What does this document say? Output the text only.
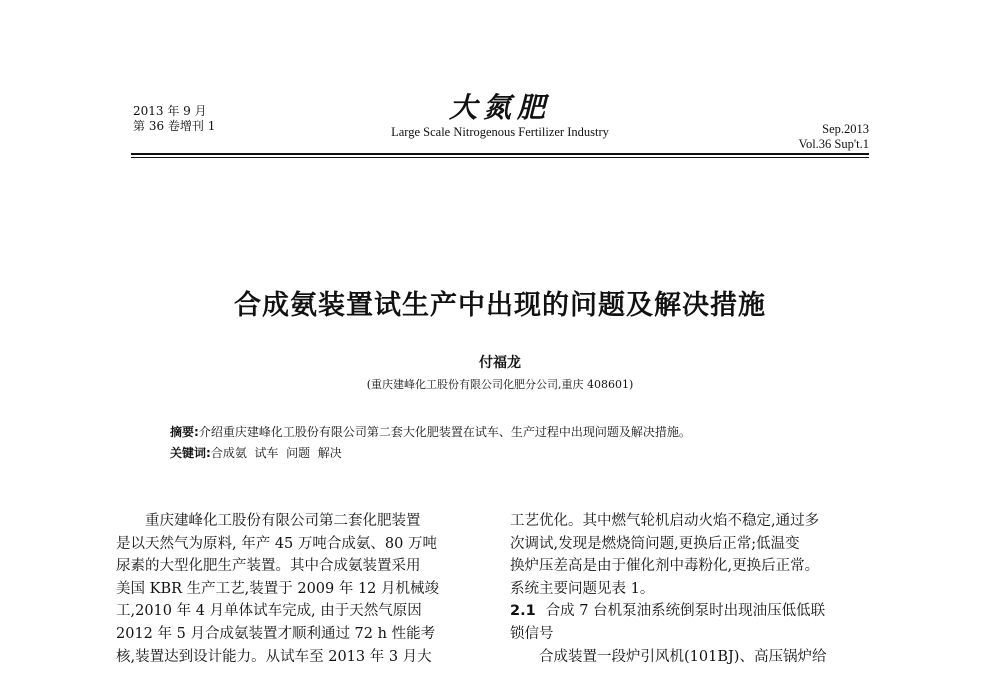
2013 年 9 月
第 36 卷增刊 1
大氮肥
Large Scale Nitrogenous Fertilizer Industry	Sep.2013
Vol.36 Sup't.1
合成氨装置试生产中出现的问题及解决措施
付福龙
(重庆建峰化工股份有限公司化肥分公司,重庆 408601)
摘要:介绍重庆建峰化工股份有限公司第二套大化肥装置在试车、生产过程中出现问题及解决措施。
关键词:合成氨  试车  问题  解决
重庆建峰化工股份有限公司第二套化肥装置
是以天然气为原料, 年产 45 万吨合成氨、80 万吨
尿素的大型化肥生产装置。其中合成氨装置采用
美国 KBR 生产工艺,装置于 2009 年 12 月机械竣
工,2010 年 4 月单体试车完成, 由于天然气原因
2012 年 5 月合成氨装置才顺利通过 72 h 性能考
核,装置达到设计能力。从试车至 2013 年 3 月大
工艺优化。其中燃气轮机启动火焰不稳定,通过多
次调试,发现是燃烧筒问题,更换后正常;低温变
换炉压差高是由于催化剂中毒粉化,更换后正常。
系统主要问题见表 1。
2.1 合成 7 台机泵油系统倒泵时出现油压低低联
锁信号
合成装置一段炉引风机(101BJ)、高压锅炉给
